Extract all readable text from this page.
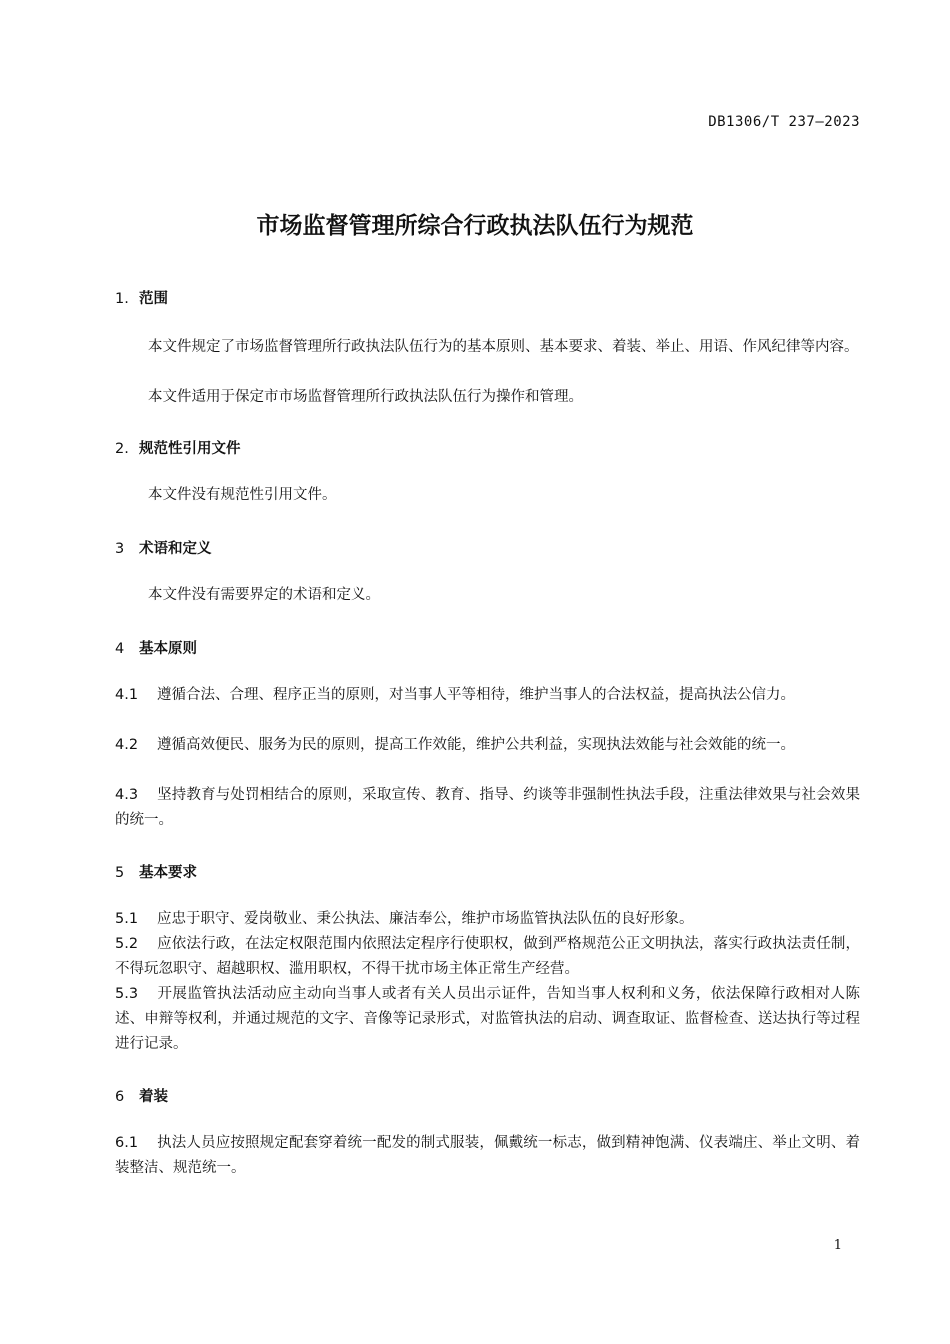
DB1306/T 237—2023
市场监督管理所综合行政执法队伍行为规范
1. 范围
本文件规定了市场监督管理所行政执法队伍行为的基本原则、基本要求、着装、举止、用语、作风纪律等内容。
本文件适用于保定市市场监督管理所行政执法队伍行为操作和管理。
2. 规范性引用文件
本文件没有规范性引用文件。
3 术语和定义
本文件没有需要界定的术语和定义。
4 基本原则
4.1 遵循合法、合理、程序正当的原则，对当事人平等相待，维护当事人的合法权益，提高执法公信力。
4.2 遵循高效便民、服务为民的原则，提高工作效能，维护公共利益，实现执法效能与社会效能的统一。
4.3 坚持教育与处罚相结合的原则，采取宣传、教育、指导、约谈等非强制性执法手段，注重法律效果与社会效果的统一。
5 基本要求
5.1 应忠于职守、爱岗敬业、秉公执法、廉洁奉公，维护市场监管执法队伍的良好形象。
5.2 应依法行政，在法定权限范围内依照法定程序行使职权，做到严格规范公正文明执法，落实行政执法责任制，不得玩忽职守、超越职权、滥用职权，不得干扰市场主体正常生产经营。
5.3 开展监管执法活动应主动向当事人或者有关人员出示证件，告知当事人权利和义务，依法保障行政相对人陈述、申辩等权利，并通过规范的文字、音像等记录形式，对监管执法的启动、调查取证、监督检查、送达执行等过程进行记录。
6 着装
6.1 执法人员应按照规定配套穿着统一配发的制式服装，佩戴统一标志，做到精神饱满、仪表端庄、举止文明、着装整洁、规范统一。
1
